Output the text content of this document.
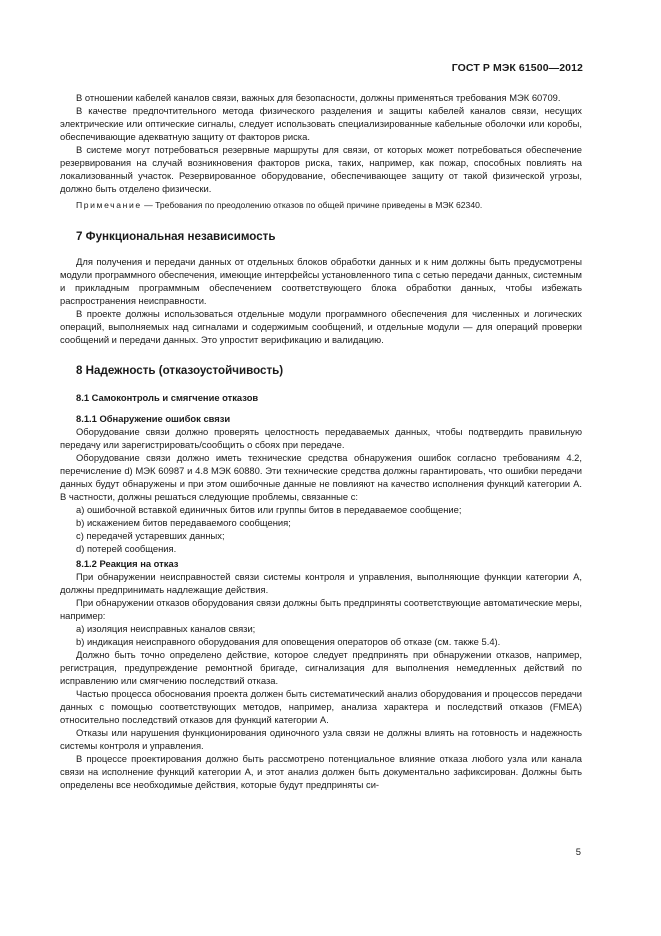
ГОСТ Р МЭК 61500—2012

В отношении кабелей каналов связи, важных для безопасности, должны применяться требования МЭК 60709.

В качестве предпочтительного метода физического разделения и защиты кабелей каналов связи, несущих электрические или оптические сигналы, следует использовать специализированные кабельные оболочки или коробы, обеспечивающие адекватную защиту от факторов риска.

В системе могут потребоваться резервные маршруты для связи, от которых может потребоваться обеспечение резервирования на случай возникновения факторов риска, таких, например, как пожар, способных повлиять на локализованный участок. Резервированное оборудование, обеспечивающее защиту от такой физической угрозы, должно быть отделено физически.

Примечание — Требования по преодолению отказов по общей причине приведены в МЭК 62340.

7 Функциональная независимость

Для получения и передачи данных от отдельных блоков обработки данных и к ним должны быть предусмотрены модули программного обеспечения, имеющие интерфейсы установленного типа с сетью передачи данных, системным и прикладным программным обеспечением соответствующего блока обработки данных, чтобы избежать распространения неисправности.

В проекте должны использоваться отдельные модули программного обеспечения для численных и логических операций, выполняемых над сигналами и содержимым сообщений, и отдельные модули — для операций проверки сообщений и передачи данных. Это упростит верификацию и валидацию.

8 Надежность (отказоустойчивость)
8.1 Самоконтроль и смягчение отказов
8.1.1 Обнаружение ошибок связи

Оборудование связи должно проверять целостность передаваемых данных, чтобы подтвердить правильную передачу или зарегистрировать/сообщить о сбоях при передаче.

Оборудование связи должно иметь технические средства обнаружения ошибок согласно требованиям 4.2, перечисление d) МЭК 60987 и 4.8 МЭК 60880. Эти технические средства должны гарантировать, что ошибки передачи данных будут обнаружены и при этом ошибочные данные не повлияют на качество исполнения функций категории А. В частности, должны решаться следующие проблемы, связанные с:

a) ошибочной вставкой единичных битов или группы битов в передаваемое сообщение;

b) искажением битов передаваемого сообщения;

c) передачей устаревших данных;

d) потерей сообщения.

8.1.2 Реакция на отказ

При обнаружении неисправностей связи системы контроля и управления, выполняющие функции категории А, должны предпринимать надлежащие действия.

При обнаружении отказов оборудования связи должны быть предприняты соответствующие автоматические меры, например:

a) изоляция неисправных каналов связи;

b) индикация неисправного оборудования для оповещения операторов об отказе (см. также 5.4).

Должно быть точно определено действие, которое следует предпринять при обнаружении отказов, например, регистрация, предупреждение ремонтной бригаде, сигнализация для выполнения немедленных действий по исправлению или смягчению последствий отказа.

Частью процесса обоснования проекта должен быть систематический анализ оборудования и процессов передачи данных с помощью соответствующих методов, например, анализа характера и последствий отказов (FMEA) относительно последствий отказов для функций категории А.

Отказы или нарушения функционирования одиночного узла связи не должны влиять на готовность и надежность системы контроля и управления.

В процессе проектирования должно быть рассмотрено потенциальное влияние отказа любого узла или канала связи на исполнение функций категории А, и этот анализ должен быть документально зафиксирован. Должны быть определены все необходимые действия, которые будут предприняты си-

5
